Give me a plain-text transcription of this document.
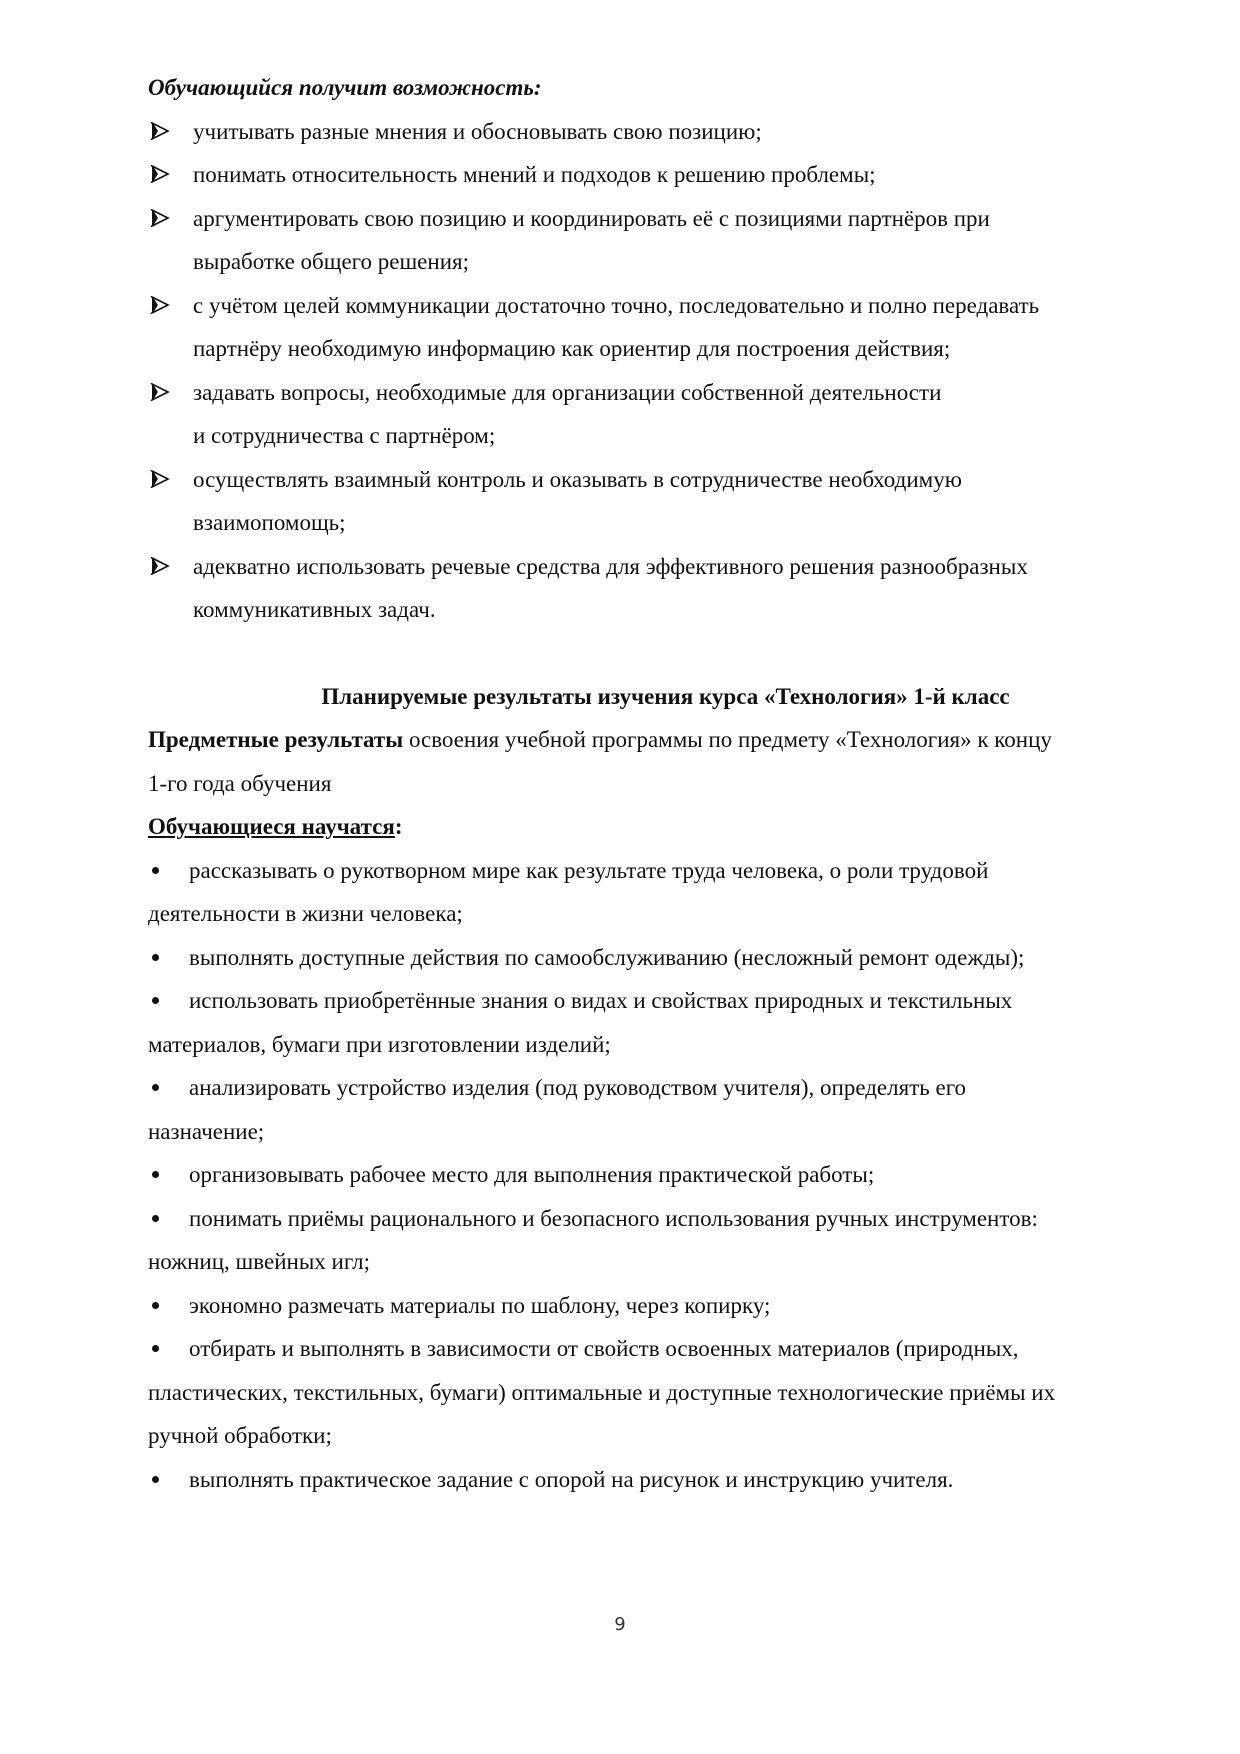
Обучающийся получит возможность:
учитывать разные мнения и обосновывать свою позицию;
понимать относительность мнений и подходов к решению проблемы;
аргументировать свою позицию и координировать её с позициями партнёров при
выработке общего решения;
с учётом целей коммуникации достаточно точно, последовательно и полно передавать
партнёру необходимую информацию как ориентир для построения действия;
задавать вопросы, необходимые для организации собственной деятельности
и сотрудничества с партнёром;
осуществлять взаимный контроль и оказывать в сотрудничестве необходимую
взаимопомощь;
адекватно использовать речевые средства для эффективного решения разнообразных
коммуникативных задач.
Планируемые результаты изучения курса «Технология» 1-й класс
Предметные результаты освоения учебной программы по предмету «Технология» к концу
1-го года обучения
Обучающиеся научатся:
рассказывать о рукотворном мире как результате труда человека, о роли трудовой
деятельности в жизни человека;
выполнять доступные действия по самообслуживанию (несложный ремонт одежды);
использовать приобретённые знания о видах и свойствах природных и текстильных
материалов, бумаги при изготовлении изделий;
анализировать устройство изделия (под руководством учителя), определять его
назначение;
организовывать рабочее место для выполнения практической работы;
понимать приёмы рационального и безопасного использования ручных инструментов:
ножниц, швейных игл;
экономно размечать материалы по шаблону, через копирку;
отбирать и выполнять в зависимости от свойств освоенных материалов (природных,
пластических, текстильных, бумаги) оптимальные и доступные технологические приёмы их
ручной обработки;
выполнять практическое задание с опорой на рисунок и инструкцию учителя.
9
